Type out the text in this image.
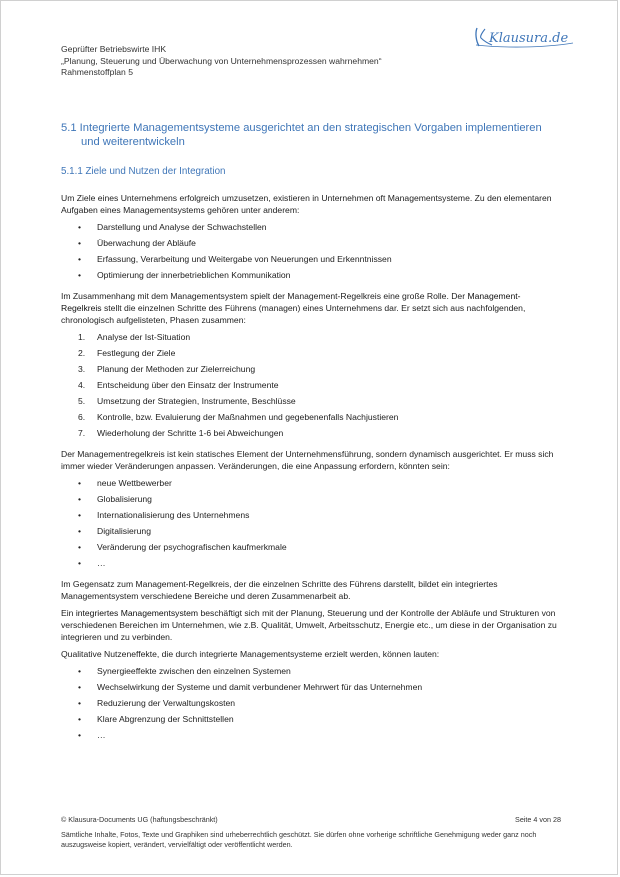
Geprüfter Betriebswirte IHK
„Planung, Steuerung und Überwachung von Unternehmensprozessen wahrnehmen“
Rahmenstoffplan 5
Klausura.de
5.1 Integrierte Managementsysteme ausgerichtet an den strategischen Vorgaben implementieren und weiterentwickeln
5.1.1 Ziele und Nutzen der Integration

Um Ziele eines Unternehmens erfolgreich umzusetzen, existieren in Unternehmen oft Managementsysteme. Zu den elementaren Aufgaben eines Managementsystems gehören unter anderem:

• Darstellung und Analyse der Schwachstellen
• Überwachung der Abläufe
• Erfassung, Verarbeitung und Weitergabe von Neuerungen und Erkenntnissen
• Optimierung der innerbetrieblichen Kommunikation

Im Zusammenhang mit dem Managementsystem spielt der Management-Regelkreis eine große Rolle. Der Management-Regelkreis stellt die einzelnen Schritte des Führens (managen) eines Unternehmens dar. Er setzt sich aus nachfolgenden, chronologisch aufgelisteten, Phasen zusammen:

1. Analyse der Ist-Situation
2. Festlegung der Ziele
3. Planung der Methoden zur Zielerreichung
4. Entscheidung über den Einsatz der Instrumente
5. Umsetzung der Strategien, Instrumente, Beschlüsse
6. Kontrolle, bzw. Evaluierung der Maßnahmen und gegebenenfalls Nachjustieren
7. Wiederholung der Schritte 1-6 bei Abweichungen

Der Managementregelkreis ist kein statisches Element der Unternehmensführung, sondern dynamisch ausgerichtet. Er muss sich immer wieder Veränderungen anpassen. Veränderungen, die eine Anpassung erfordern, könnten sein:

• neue Wettbewerber
• Globalisierung
• Internationalisierung des Unternehmens
• Digitalisierung
• Veränderung der psychografischen kaufmerkmale
• …

Im Gegensatz zum Management-Regelkreis, der die einzelnen Schritte des Führens darstellt, bildet ein integriertes Managementsystem verschiedene Bereiche und deren Zusammenarbeit ab.

Ein integriertes Managementsystem beschäftigt sich mit der Planung, Steuerung und der Kontrolle der Abläufe und Strukturen von verschiedenen Bereichen im Unternehmen, wie z.B. Qualität, Umwelt, Arbeitsschutz, Energie etc., um diese in der Organisation zu integrieren und zu verbinden.

Qualitative Nutzeneffekte, die durch integrierte Managementsysteme erzielt werden, können lauten:

• Synergieeffekte zwischen den einzelnen Systemen
• Wechselwirkung der Systeme und damit verbundener Mehrwert für das Unternehmen
• Reduzierung der Verwaltungskosten
• Klare Abgrenzung der Schnittstellen
• …
© Klausura-Documents UG (haftungsbeschränkt)	Seite 4 von 28
Sämtliche Inhalte, Fotos, Texte und Graphiken sind urheberrechtlich geschützt. Sie dürfen ohne vorherige schriftliche Genehmigung weder ganz noch auszugsweise kopiert, verändert, vervielfältigt oder veröffentlicht werden.
